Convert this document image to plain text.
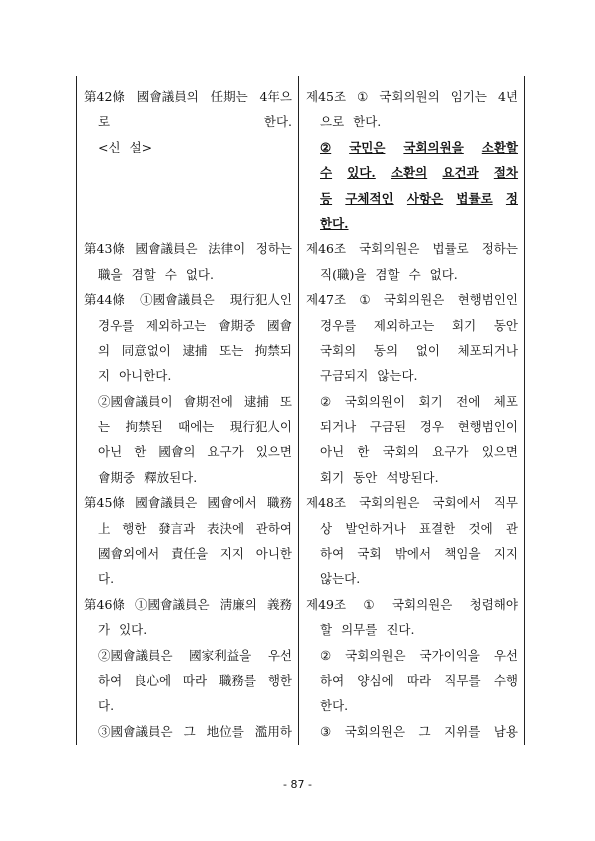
第42條 國會議員의 任期는 4年으
로	한다.
<신 설>
第43條 國會議員은 法律이 정하는
職을 겸할 수 없다.
第44條 ①國會議員은 現行犯人인
경우를 제외하고는 會期중 國會
의 同意없이 逮捕 또는 拘禁되
지 아니한다.
②國會議員이 會期전에 逮捕 또
는 拘禁된 때에는 現行犯人이
아닌 한 國會의 요구가 있으면
會期중 釋放된다.
第45條 國會議員은 國會에서 職務
上 행한 發言과 表決에 관하여
國會외에서 責任을 지지 아니한
다.
第46條 ①國會議員은 淸廉의 義務
가 있다.
②國會議員은 國家利益을 우선
하여 良心에 따라 職務를 행한
다.
③國會議員은 그 地位를 濫用하
제45조 ① 국회의원의 임기는 4년
으로 한다.
② 국민은 국회의원을 소환할
수 있다. 소환의 요건과 절차
등 구체적인 사항은 법률로 정
한다.
제46조 국회의원은 법률로 정하는
직(職)을 겸할 수 없다.
제47조 ① 국회의원은 현행범인인
경우를 제외하고는 회기 동안
국회의 동의 없이 체포되거나
구금되지 않는다.
② 국회의원이 회기 전에 체포
되거나 구금된 경우 현행범인이
아닌 한 국회의 요구가 있으면
회기 동안 석방된다.
제48조 국회의원은 국회에서 직무
상 발언하거나 표결한 것에 관
하여 국회 밖에서 책임을 지지
않는다.
제49조 ① 국회의원은 청렴해야
할 의무를 진다.
② 국회의원은 국가이익을 우선
하여 양심에 따라 직무를 수행
한다.
③ 국회의원은 그 지위를 남용
- 87 -
